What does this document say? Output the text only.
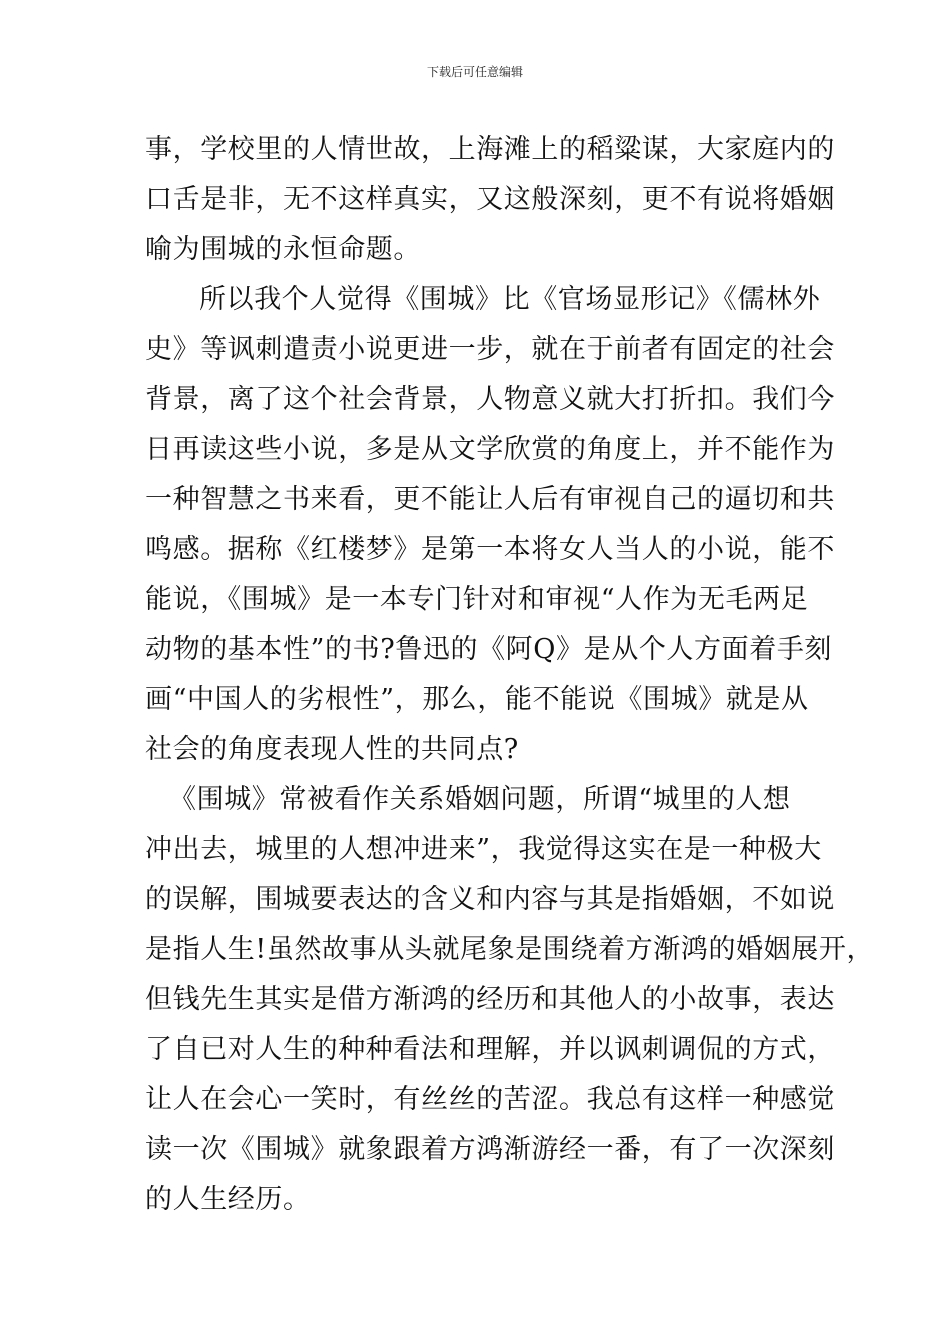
下载后可任意编辑
事，学校里的人情世故，上海滩上的稻粱谋，大家庭内的
口舌是非，无不这样真实，又这般深刻，更不有说将婚姻
喻为围城的永恒命题。
所以我个人觉得《围城》比《官场显形记》《儒林外
史》等讽刺遣责小说更进一步，就在于前者有固定的社会
背景，离了这个社会背景，人物意义就大打折扣。我们今
日再读这些小说，多是从文学欣赏的角度上，并不能作为
一种智慧之书来看，更不能让人后有审视自己的逼切和共
鸣感。据称《红楼梦》是第一本将女人当人的小说，能不
能说，《围城》是一本专门针对和审视“人作为无毛两足
动物的基本性”的书?鲁迅的《阿Q》是从个人方面着手刻
画“中国人的劣根性”，那么，能不能说《围城》就是从
社会的角度表现人性的共同点?
《围城》常被看作关系婚姻问题，所谓“城里的人想
冲出去，城里的人想冲进来”，我觉得这实在是一种极大
的误解，围城要表达的含义和内容与其是指婚姻，不如说
是指人生!虽然故事从头就尾象是围绕着方渐鸿的婚姻展开，
但钱先生其实是借方渐鸿的经历和其他人的小故事，表达
了自已对人生的种种看法和理解，并以讽刺调侃的方式，
让人在会心一笑时，有丝丝的苦涩。我总有这样一种感觉
读一次《围城》就象跟着方鸿渐游经一番，有了一次深刻
的人生经历。
